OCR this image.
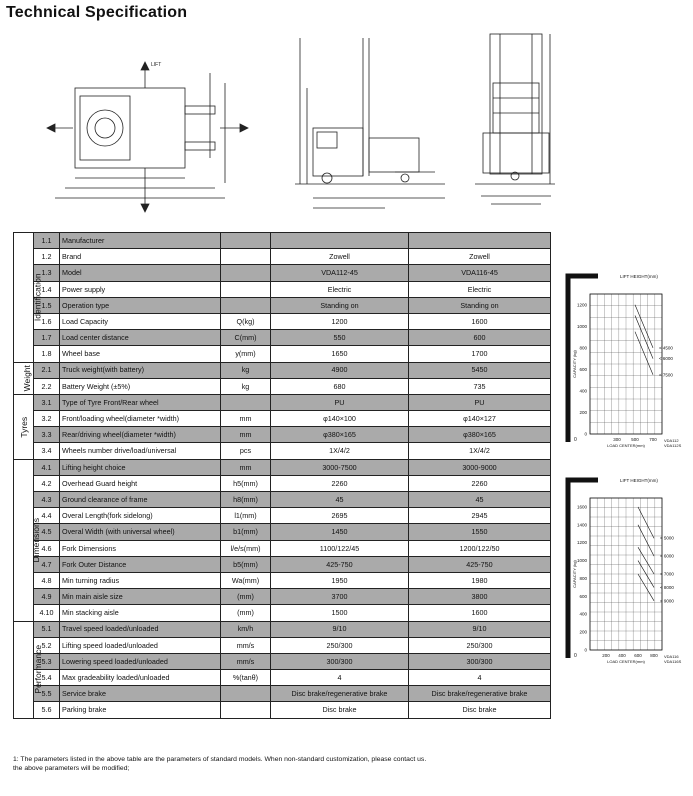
Technical Specification
LIFT
Identification	1.1	Manufacturer			
	1.2	Brand		Zowell	Zowell
	1.3	Model		VDA112-45	VDA116-45
	1.4	Power supply		Electric	Electric
	1.5	Operation type		Standing on	Standing on
	1.6	Load Capacity	Q(kg)	1200	1600
	1.7	Load center distance	C(mm)	550	600
	1.8	Wheel base	y(mm)	1650	1700
Weight	2.1	Truck weight(with battery)	kg	4900	5450
	2.2	Battery Weight (±5%)	kg	680	735
Tyres	3.1	Type of Tyre Front/Rear wheel		PU	PU
	3.2	Front/loading wheel(diameter *width)	mm	φ140×100	φ140×127
	3.3	Rear/driving wheel(diameter *width)	mm	φ380×165	φ380×165
	3.4	Wheels number drive/load/universal	pcs	1X/4/2	1X/4/2
Dimensions	4.1	Lifting height choice	mm	3000-7500	3000-9000
	4.2	Overhead Guard height	h5(mm)	2260	2260
	4.3	Ground clearance of frame	h8(mm)	45	45
	4.4	Overal Length(fork sidelong)	l1(mm)	2695	2945
	4.5	Overal Width (with universal wheel)	b1(mm)	1450	1550
	4.6	Fork Dimensions	l/e/s(mm)	1100/122/45	1200/122/50
	4.7	Fork Outer Distance	b5(mm)	425-750	425-750
	4.8	Min turning radius	Wa(mm)	1950	1980
	4.9	Min main aisle size	(mm)	3700	3800
	4.10	Min stacking aisle	(mm)	1500	1600
Performance	5.1	Travel speed loaded/unloaded	km/h	9/10	9/10
	5.2	Lifting speed loaded/unloaded	mm/s	250/300	250/300
	5.3	Lowering speed loaded/unloaded	mm/s	300/300	300/300
	5.4	Max gradeability loaded/unloaded	%(tanθ)	4	4
	5.5	Service brake		Disc brake/regenerative brake	Disc brake/regenerative brake
	5.6	Parking brake		Disc brake	Disc brake
LIFT HEIGHT(mm)
1200
1000
800
600
400
200
0
300 500 700
0
LOAD CENTER(mm)
CAPACITY (kg)
< 4500
< 6000
< 7500
VDA112
VDA112S
LIFT HEIGHT(mm)
1600
1400
1200
1000
800
600
400
200
0
200 400 600 800
0
LOAD CENTER(mm)
CAPACITY (kg)
< 5000
< 6000
< 7000
< 8000
< 9000
VDA116
VDA116S
1: The parameters listed in the above table are the parameters of standard models. When non-standard customization, please contact us.
the above parameters will be modified;
